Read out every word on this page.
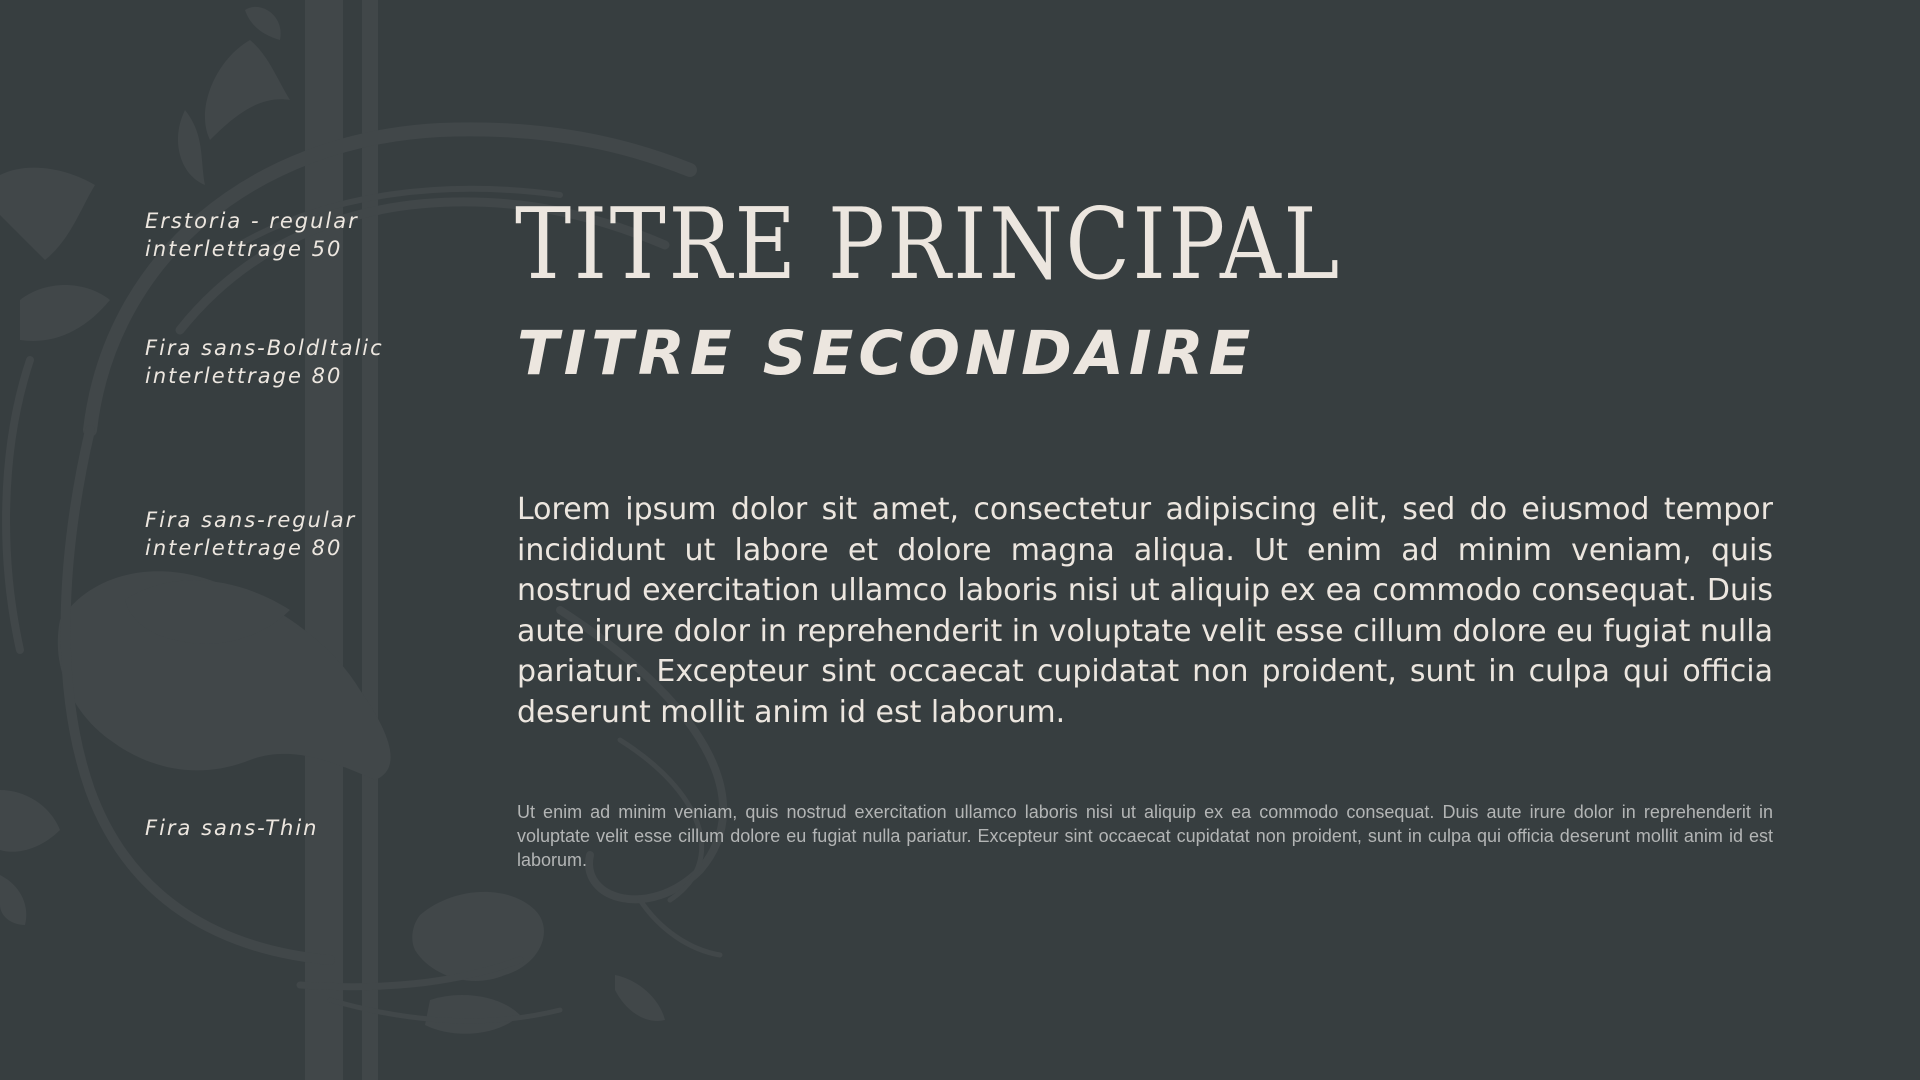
Erstoria - regular
interlettrage 50
Fira sans-BoldItalic
interlettrage 80
Fira sans-regular
interlettrage 80
Fira sans-Thin
TITRE PRINCIPAL
TITRE SECONDAIRE

Lorem ipsum dolor sit amet, consectetur adipiscing elit, sed do eiusmod tempor incididunt ut labore et dolore magna aliqua. Ut enim ad minim veniam, quis nostrud exercitation ullamco laboris nisi ut aliquip ex ea commodo consequat. Duis aute irure dolor in reprehenderit in voluptate velit esse cillum dolore eu fugiat nulla pariatur. Excepteur sint occaecat cupidatat non proident, sunt in culpa qui officia deserunt mollit anim id est laborum.

Ut enim ad minim veniam, quis nostrud exercitation ullamco laboris nisi ut aliquip ex ea commodo consequat. Duis aute irure dolor in reprehenderit in voluptate velit esse cillum dolore eu fugiat nulla pariatur. Excepteur sint occaecat cupidatat non proident, sunt in culpa qui officia deserunt mollit anim id est laborum.
